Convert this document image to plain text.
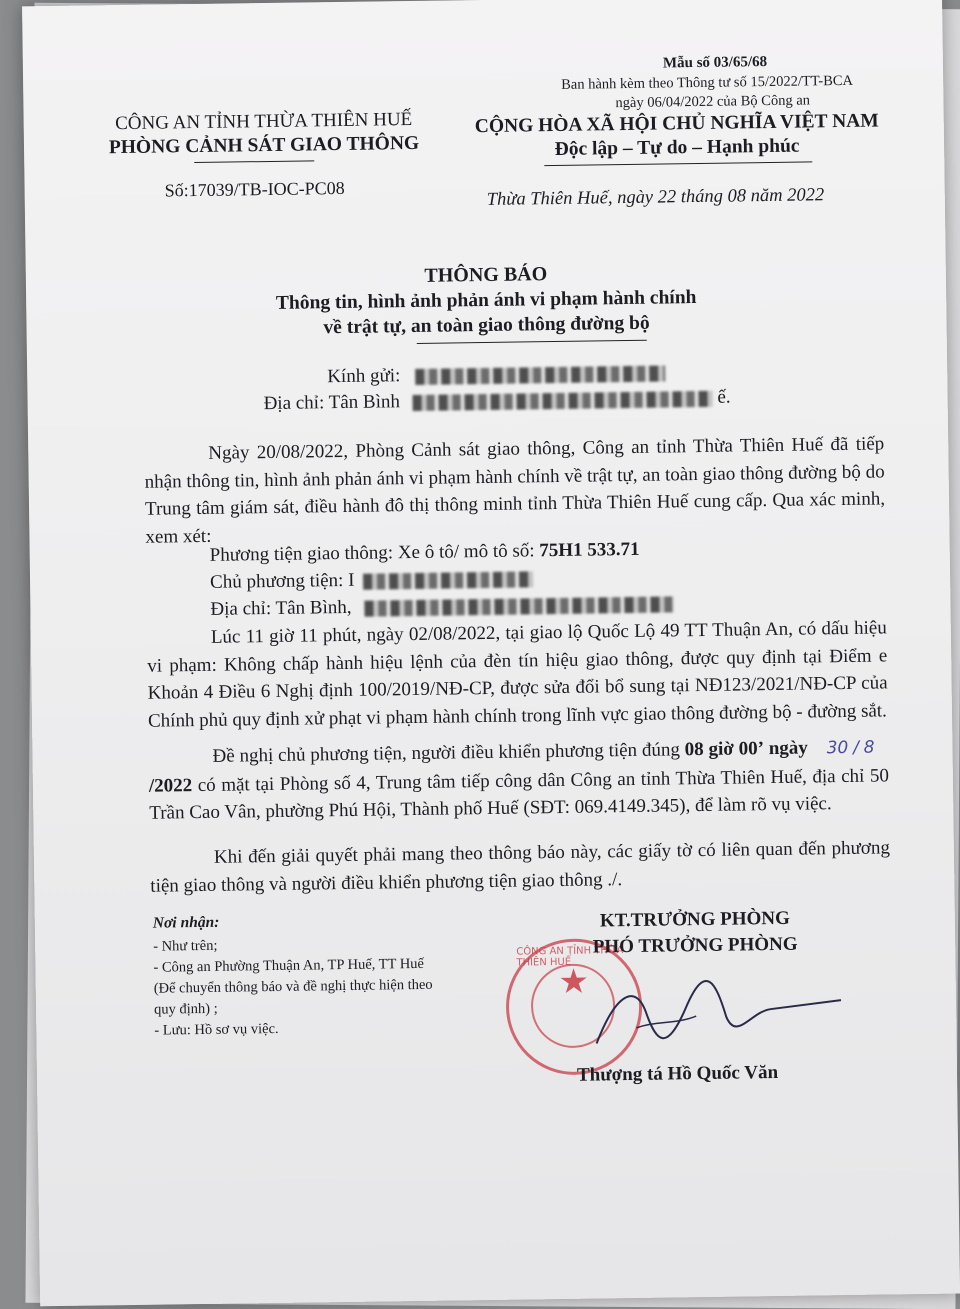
Mẫu số 03/65/68
Ban hành kèm theo Thông tư số 15/2022/TT-BCA
ngày 06/04/2022 của Bộ Công an
CÔNG AN TỈNH THỪA THIÊN HUẾ
PHÒNG CẢNH SÁT GIAO THÔNG
Số:17039/TB-IOC-PC08
CỘNG HÒA XÃ HỘI CHỦ NGHĨA VIỆT NAM
Độc lập – Tự do – Hạnh phúc
Thừa Thiên Huế, ngày 22 tháng 08 năm 2022
THÔNG BÁO
Thông tin, hình ảnh phản ánh vi phạm hành chính
về trật tự, an toàn giao thông đường bộ
Kính gửi:
Địa chỉ: Tân Bình	ế.
Ngày 20/08/2022, Phòng Cảnh sát giao thông, Công an tỉnh Thừa Thiên Huế đã tiếp nhận thông tin, hình ảnh phản ánh vi phạm hành chính về trật tự, an toàn giao thông đường bộ do Trung tâm giám sát, điều hành đô thị thông minh tỉnh Thừa Thiên Huế cung cấp. Qua xác minh, xem xét:
Phương tiện giao thông: Xe ô tô/ mô tô số: 75H1 533.71
Chủ phương tiện: I
Địa chỉ: Tân Bình,
Lúc 11 giờ 11 phút, ngày 02/08/2022, tại giao lộ Quốc Lộ 49 TT Thuận An, có dấu hiệu vi phạm: Không chấp hành hiệu lệnh của đèn tín hiệu giao thông, được quy định tại Điểm e Khoản 4 Điều 6 Nghị định 100/2019/NĐ-CP, được sửa đổi bổ sung tại NĐ123/2021/NĐ-CP của Chính phủ quy định xử phạt vi phạm hành chính trong lĩnh vực giao thông đường bộ - đường sắt.
Đề nghị chủ phương tiện, người điều khiển phương tiện đúng 08 giờ 00’ ngày 30 / 8 /2022 có mặt tại Phòng số 4, Trung tâm tiếp công dân Công an tỉnh Thừa Thiên Huế, địa chỉ 50 Trần Cao Vân, phường Phú Hội, Thành phố Huế (SĐT: 069.4149.345), để làm rõ vụ việc.
Khi đến giải quyết phải mang theo thông báo này, các giấy tờ có liên quan đến phương tiện giao thông và người điều khiển phương tiện giao thông ./.
Nơi nhận:
- Như trên;
- Công an Phường Thuận An, TP Huế, TT Huế
(Để chuyển thông báo và đề nghị thực hiện theo
quy định) ;
- Lưu: Hồ sơ vụ việc.
CÔNG AN TỈNH THỪA THIÊN HUẾ
★
KT.TRƯỞNG PHÒNG
PHÓ TRƯỞNG PHÒNG
Thượng tá Hồ Quốc Văn
